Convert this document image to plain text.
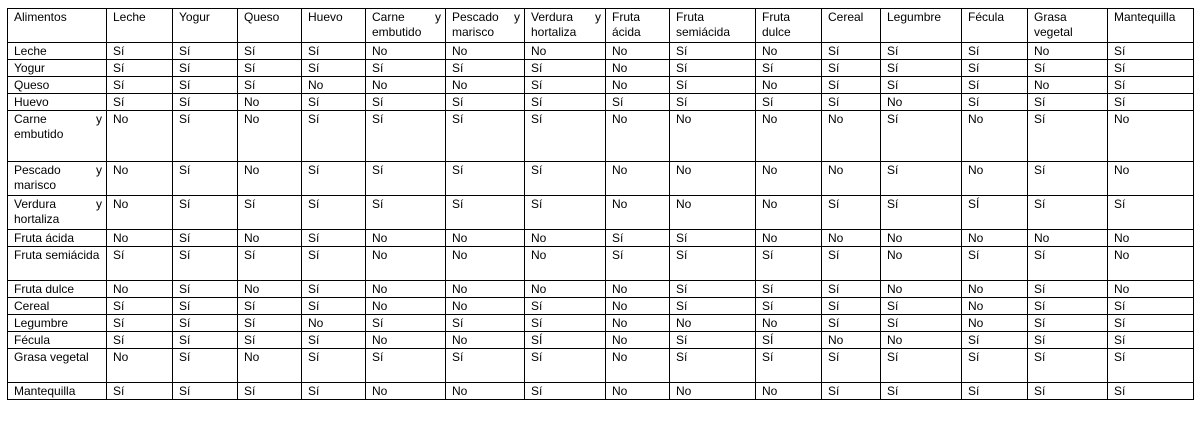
Alimentos	Leche	Yogur	Queso	Huevo	Carne y embutido	Pescado y marisco	Verdura y hortaliza	Fruta ácida	Fruta semiácida	Fruta dulce	Cereal	Legumbre	Fécula	Grasa vegetal	Mantequilla
Leche	Sí	Sí	Sí	Sí	No	No	No	No	Sí	No	Sí	Sí	Sí	No	Sí
Yogur	Sí	Sí	Sí	Sí	Sí	Sí	Sí	No	Sí	Sí	Sí	Sí	Sí	Sí	Sí
Queso	Sí	Sí	Sí	No	No	No	Sí	No	Sí	No	Sí	Sí	Sí	No	Sí
Huevo	Sí	Sí	No	Sí	Sí	Sí	Sí	Sí	Sí	Sí	Sí	No	Sí	Sí	Sí
Carne y embutido	No	Sí	No	Sí	Sí	Sí	Sí	No	No	No	No	Sí	No	Sí	No
Pescado y marisco	No	Sí	No	Sí	Sí	Sí	Sí	No	No	No	No	Sí	No	Sí	No
Verdura y hortaliza	No	Sí	Sí	Sí	Sí	Sí	Sí	No	No	No	Sí	Sí	SÍ	Sí	Sí
Fruta ácida	No	Sí	No	Sí	No	No	No	Sí	Sí	No	No	No	No	No	No
Fruta semiácida	Sí	Sí	Sí	Sí	No	No	No	Sí	Sí	Sí	Sí	No	Sí	Sí	No
Fruta dulce	No	Sí	No	Sí	No	No	No	No	Sí	Sí	Sí	No	No	Sí	No
Cereal	Sí	Sí	Sí	Sí	No	No	Sí	No	Sí	Sí	Sí	Sí	No	Sí	Sí
Legumbre	Sí	Sí	Sí	No	Sí	Sí	Sí	No	No	No	Sí	Sí	No	Sí	Sí
Fécula	Sí	Sí	Sí	Sí	No	No	SÍ	No	Sí	SÍ	No	No	Sí	Sí	Sí
Grasa vegetal	No	Sí	No	Sí	Sí	Sí	Sí	No	Sí	Sí	Sí	Sí	Sí	Sí	Sí
Mantequilla	Sí	Sí	Sí	Sí	No	No	Sí	No	No	No	Sí	Sí	Sí	Sí	Sí
